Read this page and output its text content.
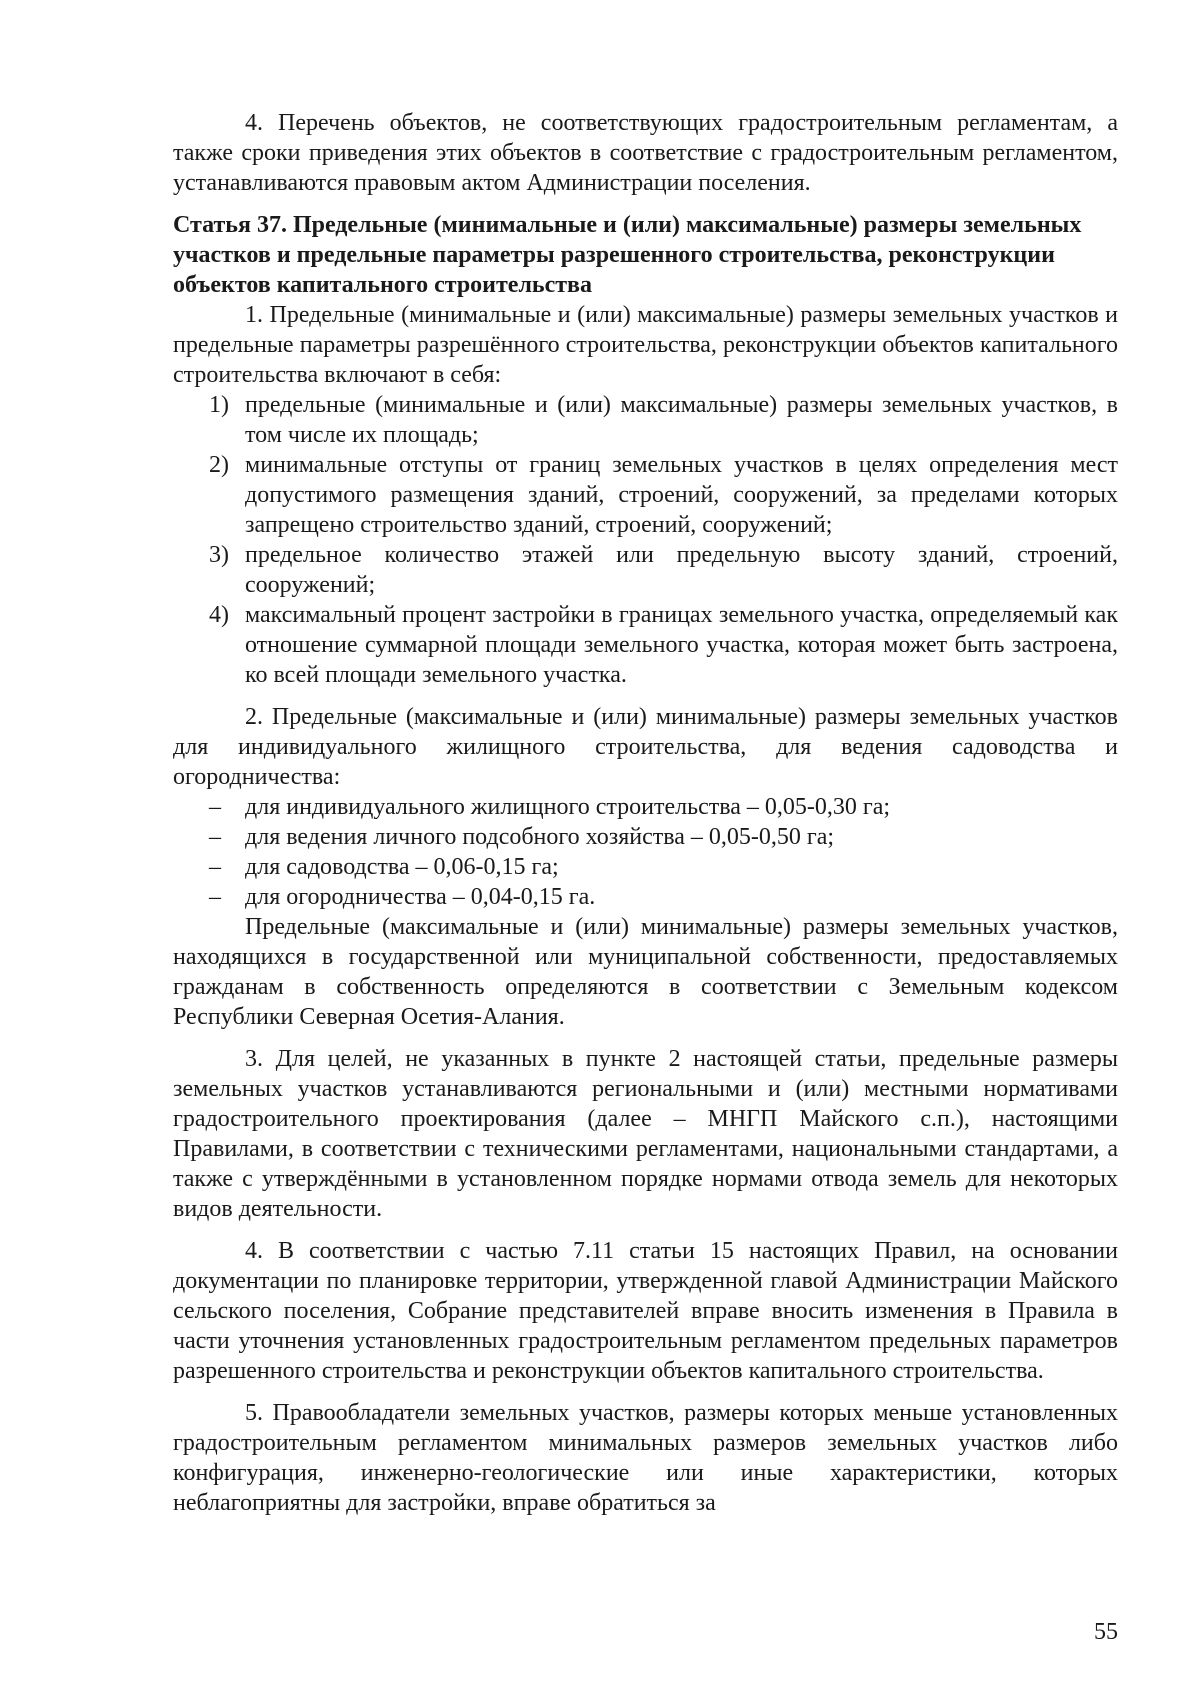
4. Перечень объектов, не соответствующих градостроительным регламентам, а также сроки приведения этих объектов в соответствие с градостроительным регламентом, устанавливаются правовым актом Администрации поселения.

Статья 37. Предельные (минимальные и (или) максимальные) размеры земельных участков и предельные параметры разрешенного строительства, реконструкции объектов капитального строительства

1. Предельные (минимальные и (или) максимальные) размеры земельных участков и предельные параметры разрешённого строительства, реконструкции объектов капитального строительства включают в себя:

1) предельные (минимальные и (или) максимальные) размеры земельных участков, в том числе их площадь;
2) минимальные отступы от границ земельных участков в целях определения мест допустимого размещения зданий, строений, сооружений, за пределами которых запрещено строительство зданий, строений, сооружений;
3) предельное количество этажей или предельную высоту зданий, строений, сооружений;
4) максимальный процент застройки в границах земельного участка, определяемый как отношение суммарной площади земельного участка, которая может быть застроена, ко всей площади земельного участка.

2. Предельные (максимальные и (или) минимальные) размеры земельных участков для индивидуального жилищного строительства, для ведения садоводства и огородничества:

– для индивидуального жилищного строительства – 0,05-0,30 га;
– для ведения личного подсобного хозяйства – 0,05-0,50 га;
– для садоводства – 0,06-0,15 га;
– для огородничества – 0,04-0,15 га.

Предельные (максимальные и (или) минимальные) размеры земельных участков, находящихся в государственной или муниципальной собственности, предоставляемых гражданам в собственность определяются в соответствии с Земельным кодексом Республики Северная Осетия-Алания.

3. Для целей, не указанных в пункте 2 настоящей статьи, предельные размеры земельных участков устанавливаются региональными и (или) местными нормативами градостроительного проектирования (далее – МНГП Майского с.п.), настоящими Правилами, в соответствии с техническими регламентами, национальными стандартами, а также с утверждёнными в установленном порядке нормами отвода земель для некоторых видов деятельности.

4. В соответствии с частью 7.11 статьи 15 настоящих Правил, на основании документации по планировке территории, утвержденной главой Администрации Майского сельского поселения, Собрание представителей вправе вносить изменения в Правила в части уточнения установленных градостроительным регламентом предельных параметров разрешенного строительства и реконструкции объектов капитального строительства.

5. Правообладатели земельных участков, размеры которых меньше установленных градостроительным регламентом минимальных размеров земельных участков либо конфигурация, инженерно-геологические или иные характеристики, которых неблагоприятны для застройки, вправе обратиться за

55
